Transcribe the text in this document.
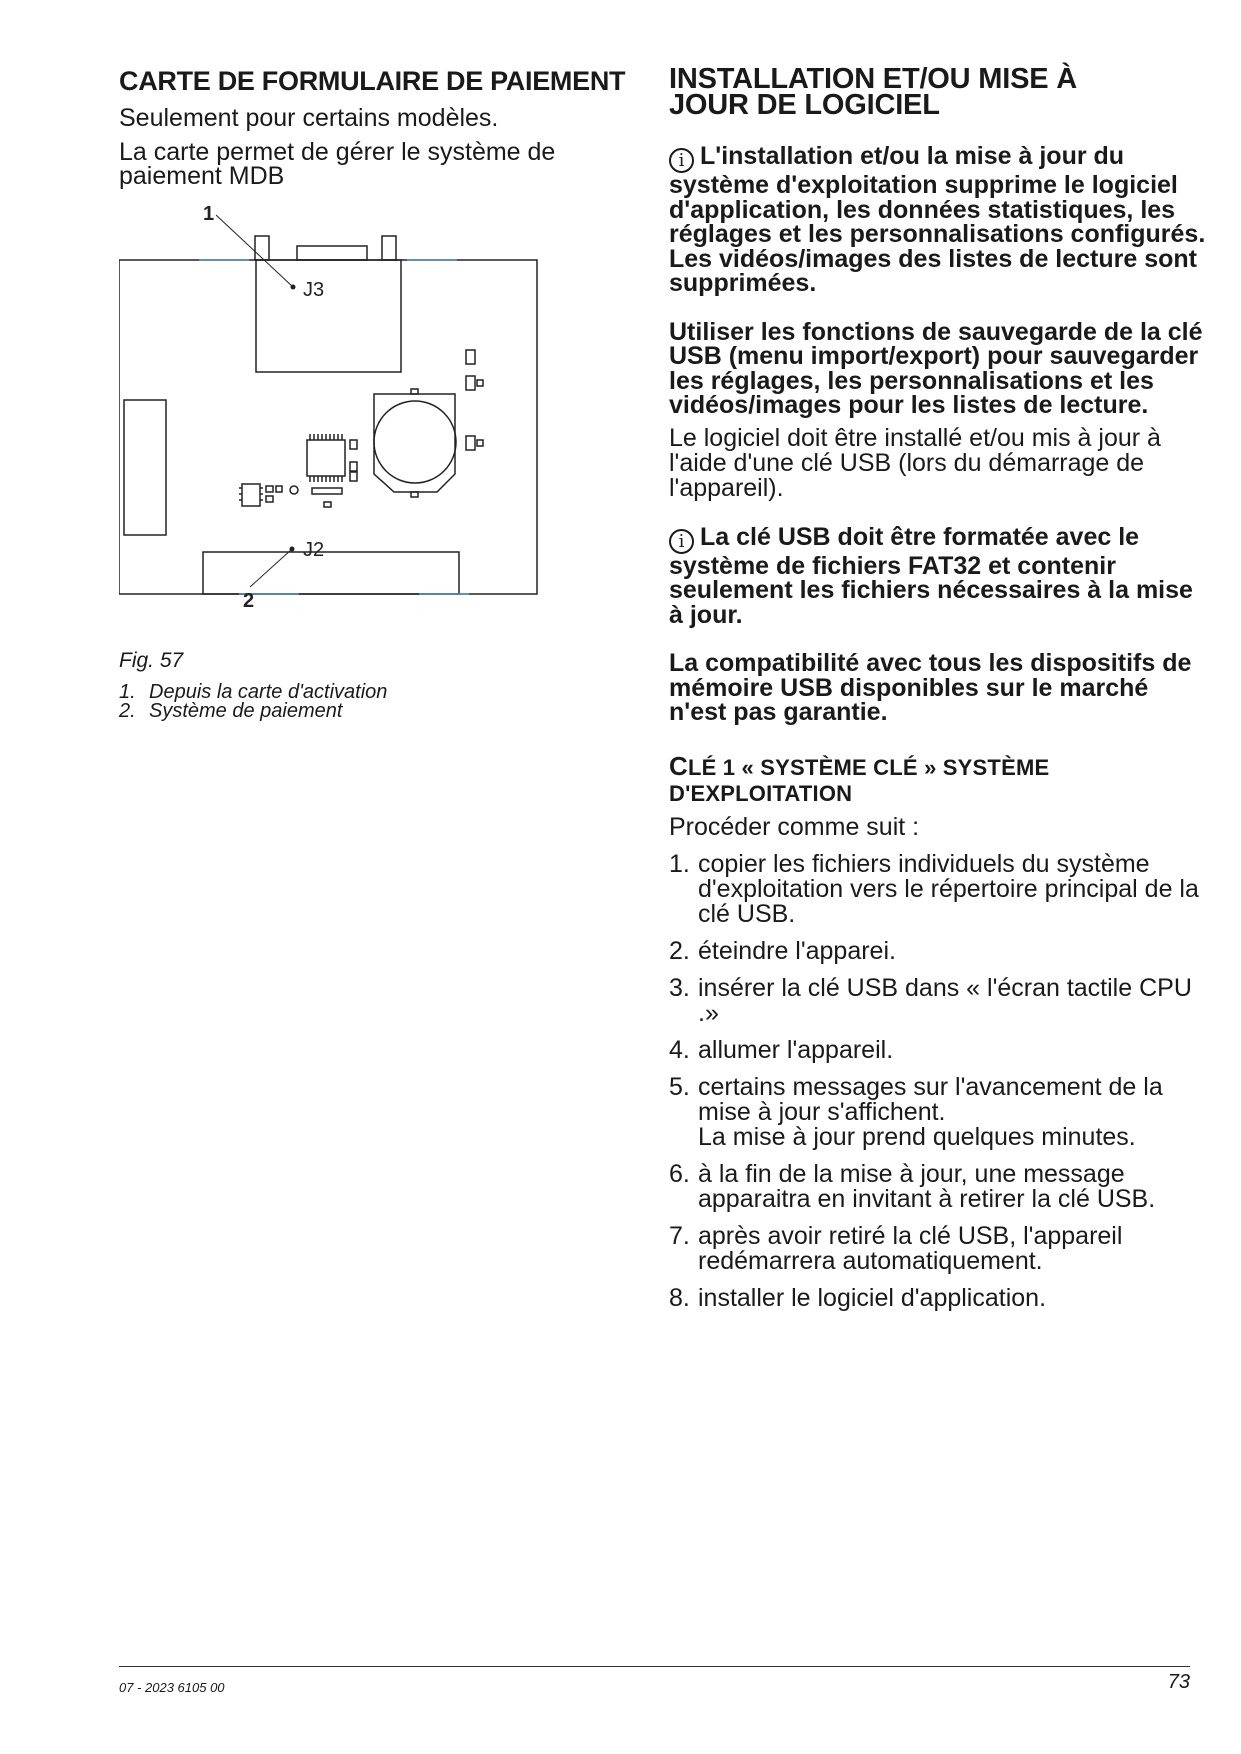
CARTE DE FORMULAIRE DE PAIEMENT

Seulement pour certains modèles.

La carte permet de gérer le système de paiement MDB

1
J3
J2
2

Fig. 57

1. Depuis la carte d'activation
2. Système de paiement
INSTALLATION ET/OU MISE À
JOUR DE LOGICIEL

i L'installation et/ou la mise à jour du système d'exploitation supprime le logiciel d'application, les données statistiques, les réglages et les personnalisations configurés.
Les vidéos/images des listes de lecture sont supprimées.

Utiliser les fonctions de sauvegarde de la clé USB (menu import/export) pour sauvegarder les réglages, les personnalisations et les vidéos/images pour les listes de lecture.

Le logiciel doit être installé et/ou mis à jour à l'aide d'une clé USB (lors du démarrage de l'appareil).

i La clé USB doit être formatée avec le système de fichiers FAT32 et contenir seulement les fichiers nécessaires à la mise à jour.

La compatibilité avec tous les dispositifs de mémoire USB disponibles sur le marché n'est pas garantie.

CLÉ 1 « SYSTÈME CLÉ » SYSTÈME D'EXPLOITATION

Procéder comme suit :

1. copier les fichiers individuels du système d'exploitation vers le répertoire principal de la clé USB.
2. éteindre l'apparei.
3. insérer la clé USB dans « l'écran tactile CPU .»
4. allumer l'appareil.
5. certains messages sur l'avancement de la mise à jour s'affichent.
La mise à jour prend quelques minutes.
6. à la fin de la mise à jour, une message apparaitra en invitant à retirer la clé USB.
7. après avoir retiré la clé USB, l'appareil redémarrera automatiquement.
8. installer le logiciel d'application.
07 - 2023 6105 00	73
